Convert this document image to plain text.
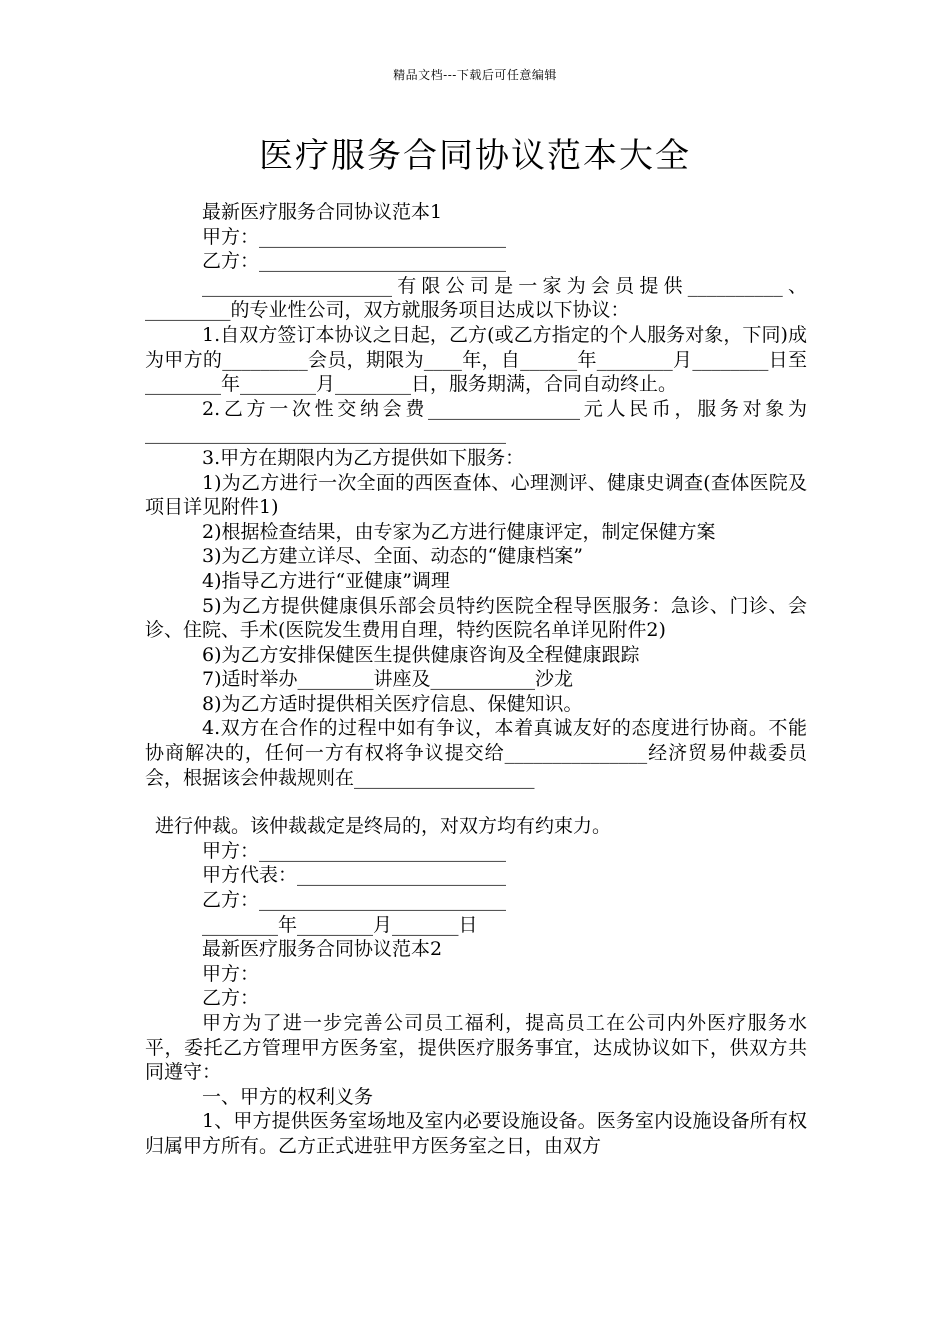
精品文档---下载后可任意编辑
医疗服务合同协议范本大全

最新医疗服务合同协议范本1

甲方：__________________________

乙方：__________________________

____________________有限公司是一家为会员提供__________、_________的专业性公司，双方就服务项目达成以下协议：

1.自双方签订本协议之日起，乙方(或乙方指定的个人服务对象，下同)成为甲方的_________会员，期限为____年，自______年________月________日至________年________月________日，服务期满，合同自动终止。

2.乙方一次性交纳会费________________元人民币，服务对象为______________________________________

3.甲方在期限内为乙方提供如下服务：

1)为乙方进行一次全面的西医查体、心理测评、健康史调查(查体医院及项目详见附件1)

2)根据检查结果，由专家为乙方进行健康评定，制定保健方案

3)为乙方建立详尽、全面、动态的“健康档案”

4)指导乙方进行“亚健康”调理

5)为乙方提供健康俱乐部会员特约医院全程导医服务：急诊、门诊、会诊、住院、手术(医院发生费用自理，特约医院名单详见附件2)

6)为乙方安排保健医生提供健康咨询及全程健康跟踪

7)适时举办________讲座及___________沙龙

8)为乙方适时提供相关医疗信息、保健知识。

4.双方在合作的过程中如有争议，本着真诚友好的态度进行协商。不能协商解决的，任何一方有权将争议提交给_______________经济贸易仲裁委员会，根据该会仲裁规则在___________________

进行仲裁。该仲裁裁定是终局的，对双方均有约束力。

甲方：__________________________

甲方代表：______________________

乙方：__________________________

________年________月_______日

最新医疗服务合同协议范本2

甲方：

乙方：

甲方为了进一步完善公司员工福利，提高员工在公司内外医疗服务水平，委托乙方管理甲方医务室，提供医疗服务事宜，达成协议如下，供双方共同遵守：

一、甲方的权利义务

1、甲方提供医务室场地及室内必要设施设备。医务室内设施设备所有权归属甲方所有。乙方正式进驻甲方医务室之日，由双方
